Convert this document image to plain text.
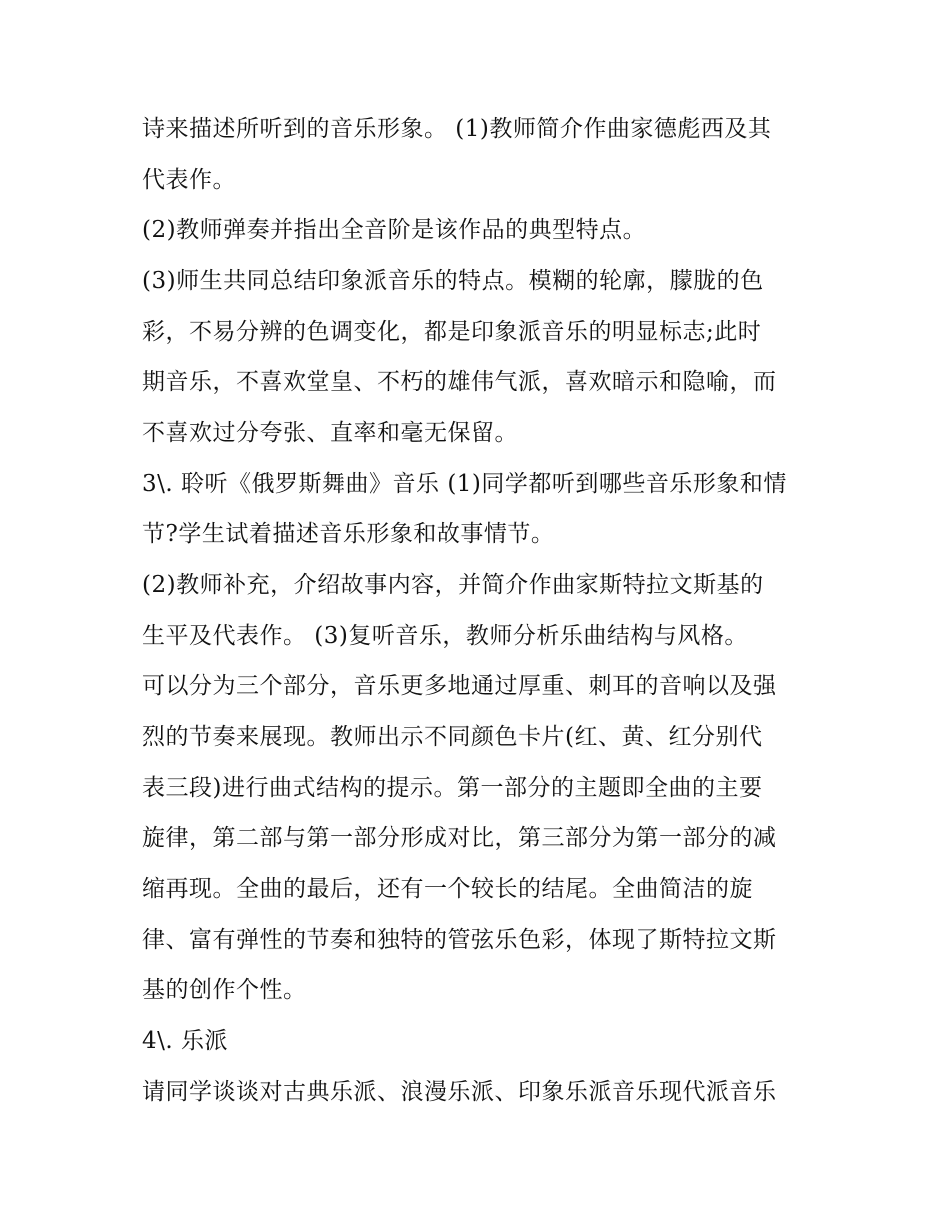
诗来描述所听到的音乐形象。 (1)教师简介作曲家德彪西及其
代表作。
(2)教师弹奏并指出全音阶是该作品的典型特点。
(3)师生共同总结印象派音乐的特点。模糊的轮廓，朦胧的色
彩，不易分辨的色调变化，都是印象派音乐的明显标志;此时
期音乐，不喜欢堂皇、不朽的雄伟气派，喜欢暗示和隐喻，而
不喜欢过分夸张、直率和毫无保留。
3\. 聆听《俄罗斯舞曲》音乐 (1)同学都听到哪些音乐形象和情
节?学生试着描述音乐形象和故事情节。
(2)教师补充，介绍故事内容，并简介作曲家斯特拉文斯基的
生平及代表作。 (3)复听音乐，教师分析乐曲结构与风格。
可以分为三个部分，音乐更多地通过厚重、刺耳的音响以及强
烈的节奏来展现。教师出示不同颜色卡片(红、黄、红分别代
表三段)进行曲式结构的提示。第一部分的主题即全曲的主要
旋律，第二部与第一部分形成对比，第三部分为第一部分的减
缩再现。全曲的最后，还有一个较长的结尾。全曲简洁的旋
律、富有弹性的节奏和独特的管弦乐色彩，体现了斯特拉文斯
基的创作个性。
4\. 乐派
请同学谈谈对古典乐派、浪漫乐派、印象乐派音乐现代派音乐
